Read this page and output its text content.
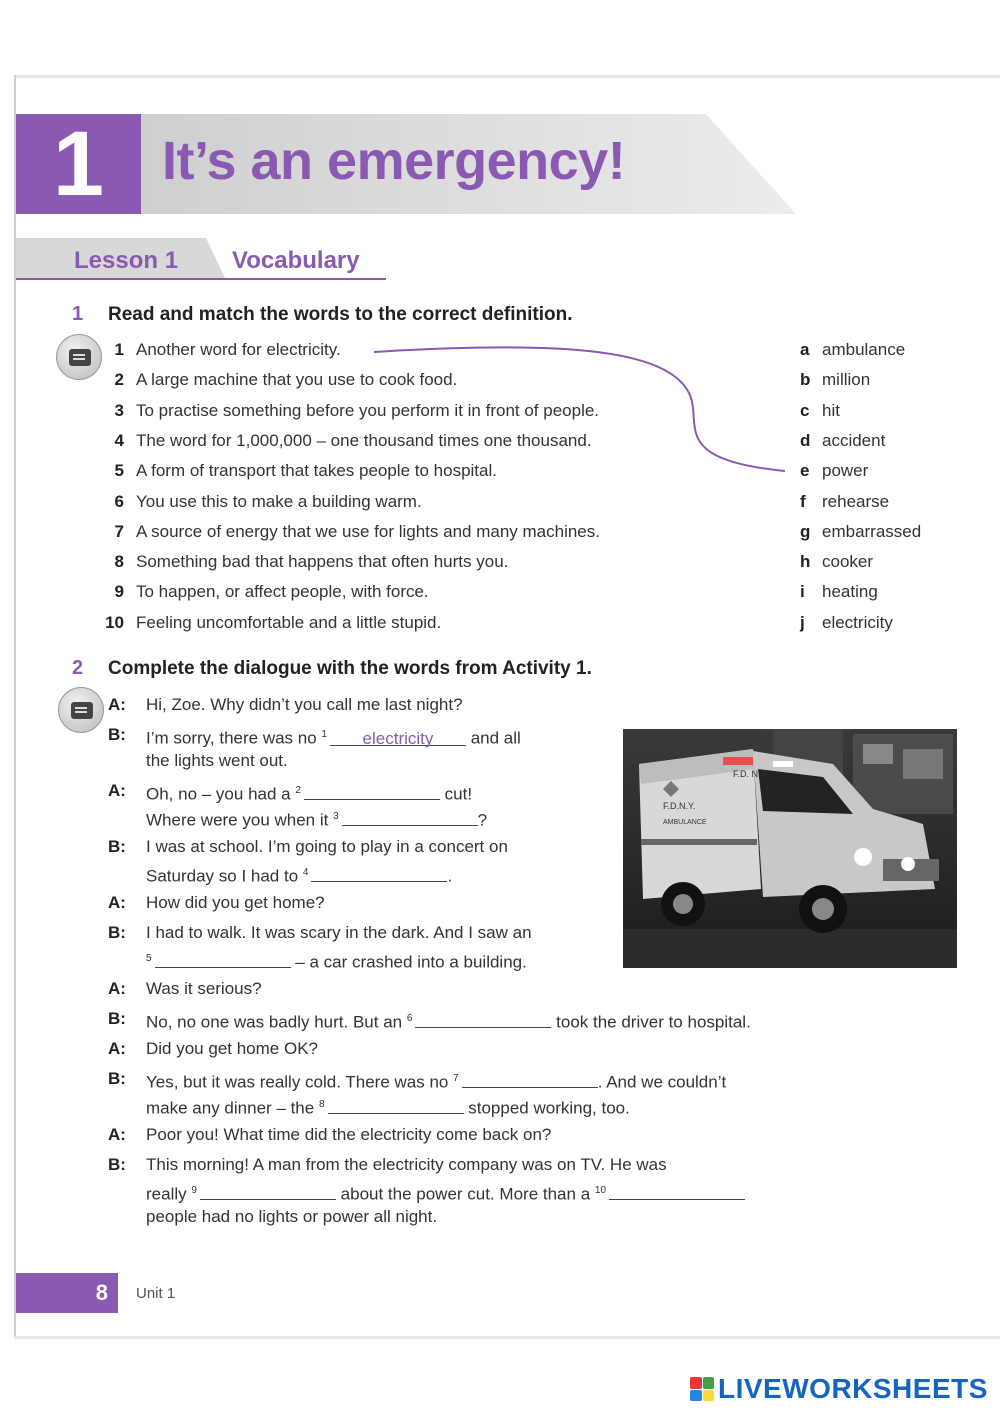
1	It’s an emergency!
Lesson 1 Vocabulary
1 Read and match the words to the correct definition.
1 Another word for electricity.
2 A large machine that you use to cook food.
3 To practise something before you perform it in front of people.
4 The word for 1,000,000 – one thousand times one thousand.
5 A form of transport that takes people to hospital.
6 You use this to make a building warm.
7 A source of energy that we use for lights and many machines.
8 Something bad that happens that often hurts you.
9 To happen, or affect people, with force.
10 Feeling uncomfortable and a little stupid.
a ambulance
b million
c hit
d accident
e power
f rehearse
g embarrassed
h cooker
i heating
j electricity
2 Complete the dialogue with the words from Activity 1.
A: Hi, Zoe. Why didn’t you call me last night?
B: I’m sorry, there was no $^1$ electricity and all
the lights went out.
A: Oh, no – you had a $^2$	cut!
Where were you when it $^3$	?
B: I was at school. I’m going to play in a concert on
Saturday so I had to $^4$	.
A: How did you get home?
B: I had to walk. It was scary in the dark. And I saw an
$^5$	– a car crashed into a building.
A: Was it serious?
B: No, no one was badly hurt. But an $^6$	took the driver to hospital.
A: Did you get home OK?
B: Yes, but it was really cold. There was no $^7$	. And we couldn’t
make any dinner – the $^8$	stopped working, too.
A: Poor you! What time did the electricity come back on?
B: This morning! A man from the electricity company was on TV. He was
really $^9$	about the power cut. More than a $^{10}$
people had no lights or power all night.
F.D. N.Y.
F.D.N.Y.
AMBULANCE
8	Unit 1
LIVEWORKSHEETS
